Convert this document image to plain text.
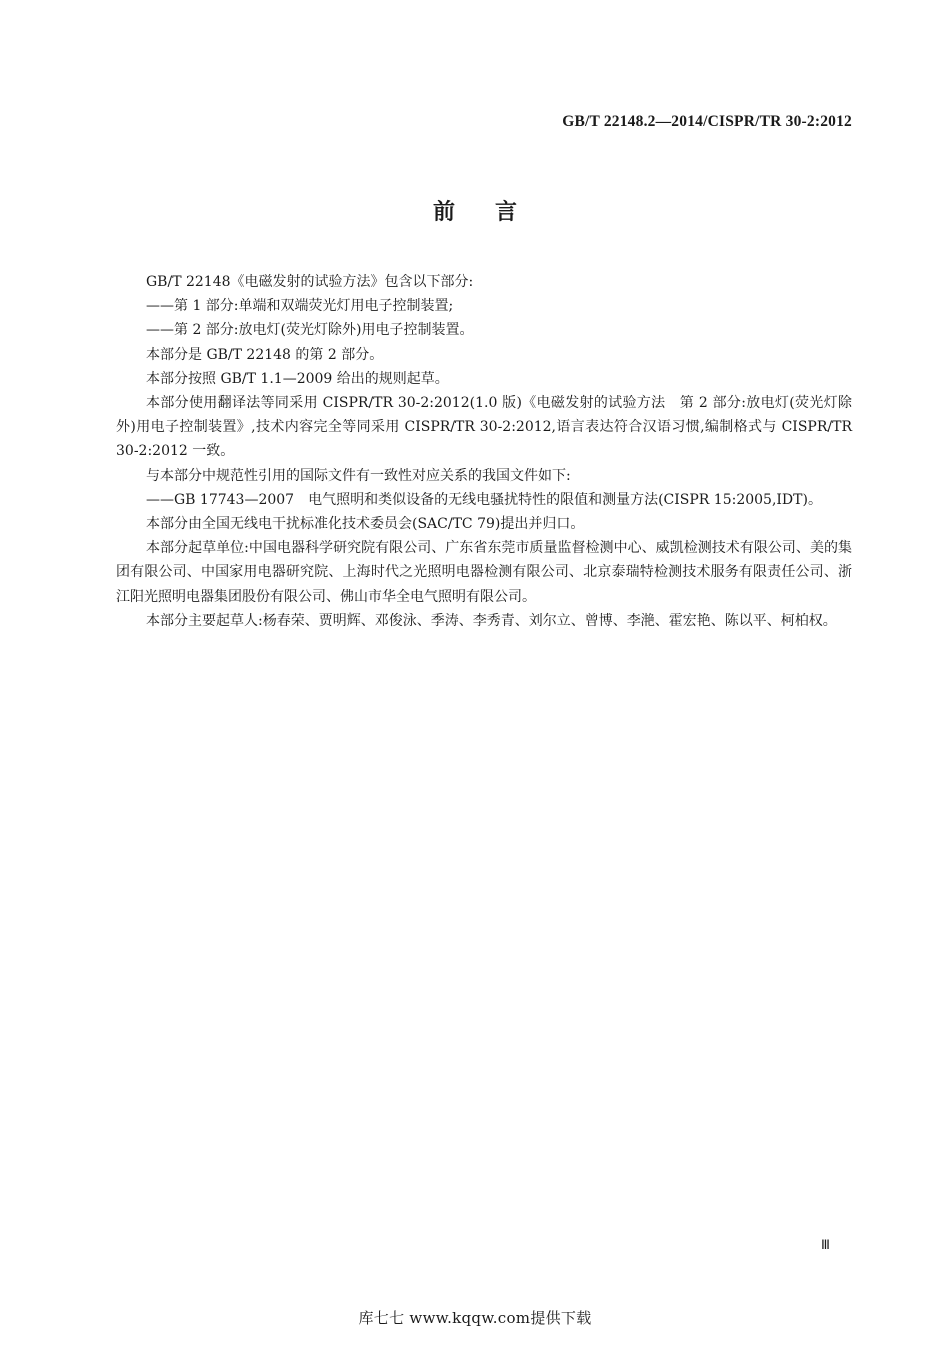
GB/T 22148.2—2014/CISPR/TR 30-2:2012
前言

GB/T 22148《电磁发射的试验方法》包含以下部分:

——第 1 部分:单端和双端荧光灯用电子控制装置;

——第 2 部分:放电灯(荧光灯除外)用电子控制装置。

本部分是 GB/T 22148 的第 2 部分。

本部分按照 GB/T 1.1—2009 给出的规则起草。

本部分使用翻译法等同采用 CISPR/TR 30-2:2012(1.0 版)《电磁发射的试验方法　第 2 部分:放电灯(荧光灯除外)用电子控制装置》,技术内容完全等同采用 CISPR/TR 30-2:2012,语言表达符合汉语习惯,编制格式与 CISPR/TR 30-2:2012 一致。

与本部分中规范性引用的国际文件有一致性对应关系的我国文件如下:

——GB 17743—2007　电气照明和类似设备的无线电骚扰特性的限值和测量方法(CISPR 15:2005,IDT)。

本部分由全国无线电干扰标准化技术委员会(SAC/TC 79)提出并归口。

本部分起草单位:中国电器科学研究院有限公司、广东省东莞市质量监督检测中心、威凯检测技术有限公司、美的集团有限公司、中国家用电器研究院、上海时代之光照明电器检测有限公司、北京泰瑞特检测技术服务有限责任公司、浙江阳光照明电器集团股份有限公司、佛山市华全电气照明有限公司。

本部分主要起草人:杨春荣、贾明辉、邓俊泳、季涛、李秀青、刘尔立、曾博、李滟、霍宏艳、陈以平、柯柏权。

Ⅲ
库七七 www.kqqw.com提供下载
